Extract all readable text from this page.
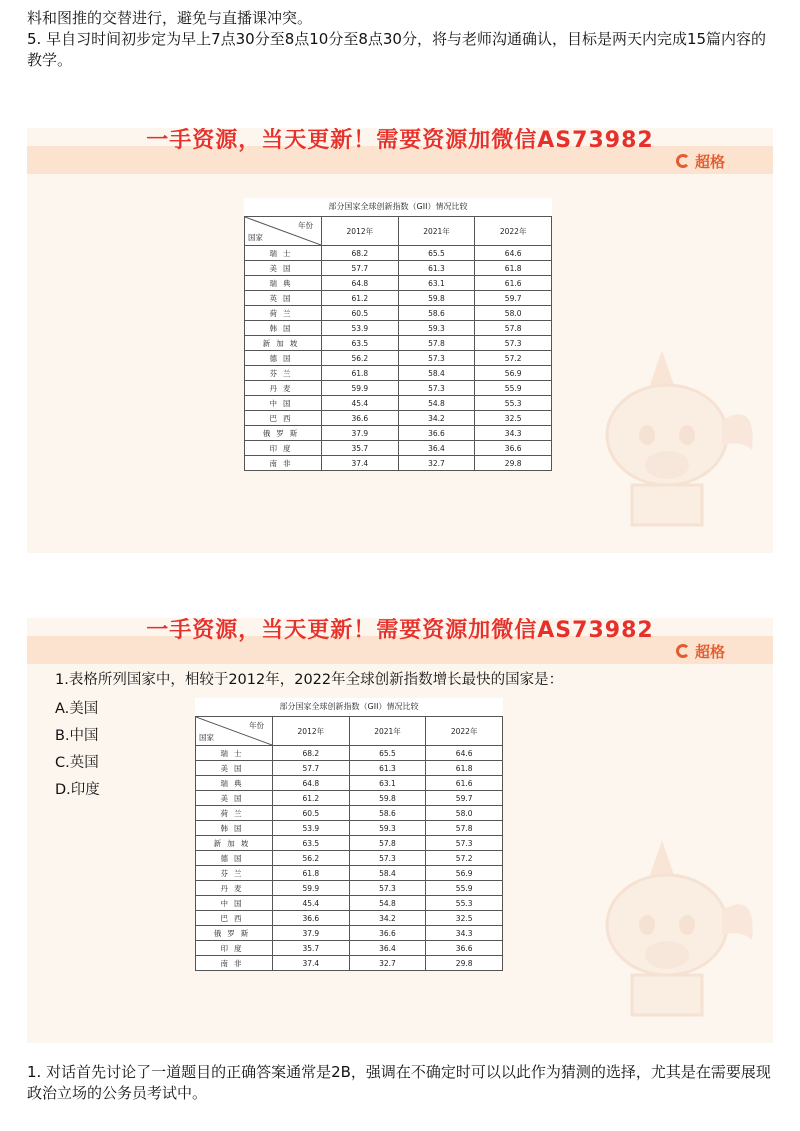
料和图推的交替进行，避免与直播课冲突。
5. 早自习时间初步定为早上7点30分至8点10分至8点30分，将与老师沟通确认，目标是两天内完成15篇内容的教学。

一手资源，当天更新！需要资源加微信AS73982
超格
部分国家全球创新指数（GII）情况比较
年份
国家	2012年	2021年	2022年
瑞士	68.2	65.5	64.6
美国	57.7	61.3	61.8
瑞典	64.8	63.1	61.6
英国	61.2	59.8	59.7
荷兰	60.5	58.6	58.0
韩国	53.9	59.3	57.8
新加坡	63.5	57.8	57.3
德国	56.2	57.3	57.2
芬兰	61.8	58.4	56.9
丹麦	59.9	57.3	55.9
中国	45.4	54.8	55.3
巴西	36.6	34.2	32.5
俄罗斯	37.9	36.6	34.3
印度	35.7	36.4	36.6
南非	37.4	32.7	29.8
一手资源，当天更新！需要资源加微信AS73982
超格
1.表格所列国家中，相较于2012年，2022年全球创新指数增长最快的国家是：
A.美国
B.中国
C.英国
D.印度
部分国家全球创新指数（GII）情况比较
年份
国家	2012年	2021年	2022年
瑞士	68.2	65.5	64.6
美国	57.7	61.3	61.8
瑞典	64.8	63.1	61.6
美国	61.2	59.8	59.7
荷兰	60.5	58.6	58.0
韩国	53.9	59.3	57.8
新加坡	63.5	57.8	57.3
德国	56.2	57.3	57.2
芬兰	61.8	58.4	56.9
丹麦	59.9	57.3	55.9
中国	45.4	54.8	55.3
巴西	36.6	34.2	32.5
俄罗斯	37.9	36.6	34.3
印度	35.7	36.4	36.6
南非	37.4	32.7	29.8

1. 对话首先讨论了一道题目的正确答案通常是2B，强调在不确定时可以以此作为猜测的选择，尤其是在需要展现政治立场的公务员考试中。
